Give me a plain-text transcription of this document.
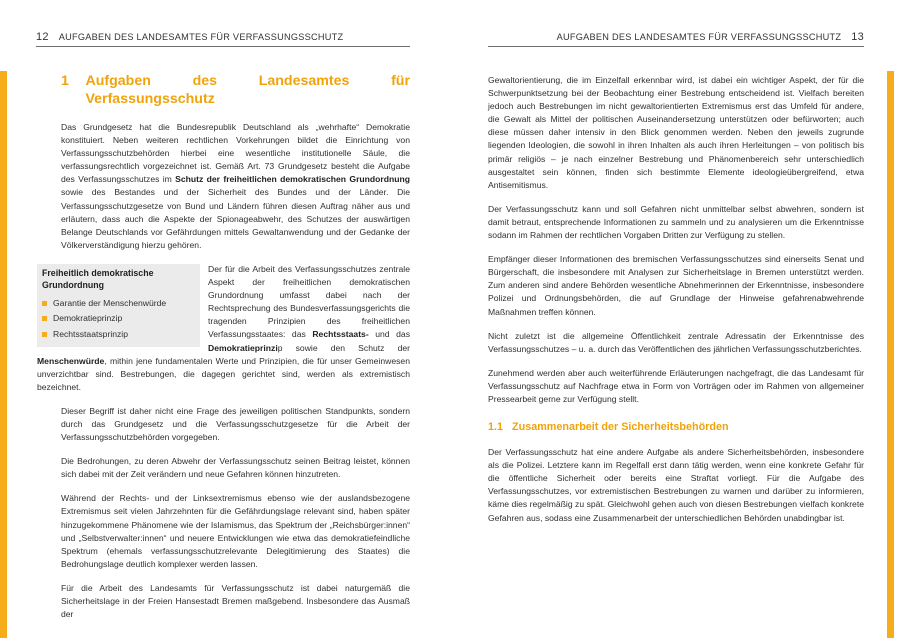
12 AUFGABEN DES LANDESAMTES FÜR VERFASSUNGSSCHUTZ
1	Aufgaben des Landesamtes für Verfassungsschutz

Das Grundgesetz hat die Bundesrepublik Deutschland als „wehrhafte“ Demokratie konstituiert. Neben weiteren rechtlichen Vorkehrungen bildet die Einrichtung von Verfassungsschutzbehörden hierbei eine wesentliche institutionelle Säule, die verfassungsrechtlich vorgezeichnet ist. Gemäß Art. 73 Grundgesetz besteht die Aufgabe des Verfassungsschutzes im Schutz der freiheitlichen demokratischen Grundordnung sowie des Bestandes und der Sicherheit des Bundes und der Länder. Die Verfassungsschutzgesetze von Bund und Ländern führen diesen Auftrag näher aus und erläutern, dass auch die Aspekte der Spionageabwehr, des Schutzes der auswärtigen Belange Deutschlands vor Gefährdungen mittels Gewaltanwendung und der Gedanke der Völkerverständigung hierzu gehören.

Freiheitlich demokratische Grundordnung
Garantie der Menschenwürde
Demokratieprinzip
Rechtsstaatsprinzip

Der für die Arbeit des Verfassungsschutzes zentrale Aspekt der freiheitlichen demokratischen Grundordnung umfasst dabei nach der Rechtsprechung des Bundesverfassungsgerichts die tragenden Prinzipien des freiheitlichen Verfassungsstaates: das Rechtsstaats- und das Demokratieprinzip sowie den Schutz der Menschenwürde, mithin jene fundamentalen Werte und Prinzipien, die für unser Gemeinwesen unverzichtbar sind. Bestrebungen, die dagegen gerichtet sind, werden als extremistisch bezeichnet.

Dieser Begriff ist daher nicht eine Frage des jeweiligen politischen Standpunkts, sondern durch das Grundgesetz und die Verfassungsschutzgesetze für die Arbeit der Verfassungsschutzbehörden vorgegeben.

Die Bedrohungen, zu deren Abwehr der Verfassungsschutz seinen Beitrag leistet, können sich dabei mit der Zeit verändern und neue Gefahren können hinzutreten.

Während der Rechts- und der Linksextremismus ebenso wie der auslandsbezogene Extremismus seit vielen Jahrzehnten für die Gefährdungslage relevant sind, haben später hinzugekommene Phänomene wie der Islamismus, das Spektrum der „Reichsbürger:innen“ und „Selbstverwalter:innen“ und neuere Entwicklungen wie etwa das demokratiefeindliche Spektrum (ehemals verfassungsschutzrelevante Delegitimierung des Staates) die Bedrohungslage deutlich komplexer werden lassen.

Für die Arbeit des Landesamts für Verfassungsschutz ist dabei naturgemäß die Sicherheitslage in der Freien Hansestadt Bremen maßgebend. Insbesondere das Ausmaß der

AUFGABEN DES LANDESAMTES FÜR VERFASSUNGSSCHUTZ 13

Gewaltorientierung, die im Einzelfall erkennbar wird, ist dabei ein wichtiger Aspekt, der für die Schwerpunktsetzung bei der Beobachtung einer Bestrebung entscheidend ist. Vielfach bereiten jedoch auch Bestrebungen im nicht gewaltorientierten Extremismus erst das Umfeld für andere, die Gewalt als Mittel der politischen Auseinandersetzung unterstützen oder befürworten; auch diese müssen daher intensiv in den Blick genommen werden. Neben den jeweils zugrunde liegenden Ideologien, die sowohl in ihren Inhalten als auch ihren Herleitungen – von politisch bis primär religiös – je nach einzelner Bestrebung und Phänomenbereich sehr unterschiedlich ausgestaltet sein können, finden sich bestimmte Elemente ideologieübergreifend, etwa Antisemitismus.

Der Verfassungsschutz kann und soll Gefahren nicht unmittelbar selbst abwehren, sondern ist damit betraut, entsprechende Informationen zu sammeln und zu analysieren um die Erkenntnisse sodann im Rahmen der rechtlichen Vorgaben Dritten zur Verfügung zu stellen.

Empfänger dieser Informationen des bremischen Verfassungsschutzes sind einerseits Senat und Bürgerschaft, die insbesondere mit Analysen zur Sicherheitslage in Bremen unterstützt werden. Zum anderen sind andere Behörden wesentliche Abnehmerinnen der Erkenntnisse, insbesondere Polizei und Ordnungsbehörden, die auf Grundlage der Hinweise gefahrenabwehrende Maßnahmen treffen können.

Nicht zuletzt ist die allgemeine Öffentlichkeit zentrale Adressatin der Erkenntnisse des Verfassungsschutzes – u. a. durch das Veröffentlichen des jährlichen Verfassungsschutzberichtes.

Zunehmend werden aber auch weiterführende Erläuterungen nachgefragt, die das Landesamt für Verfassungsschutz auf Nachfrage etwa in Form von Vorträgen oder im Rahmen von allgemeiner Pressearbeit gerne zur Verfügung stellt.

1.1 Zusammenarbeit der Sicherheitsbehörden

Der Verfassungsschutz hat eine andere Aufgabe als andere Sicherheitsbehörden, insbesondere als die Polizei. Letztere kann im Regelfall erst dann tätig werden, wenn eine konkrete Gefahr für die öffentliche Sicherheit oder bereits eine Straftat vorliegt. Für die Aufgabe des Verfassungsschutzes, vor extremistischen Bestrebungen zu warnen und darüber zu informieren, käme dies regelmäßig zu spät. Gleichwohl gehen auch von diesen Bestrebungen vielfach konkrete Gefahren aus, sodass eine Zusammenarbeit der unterschiedlichen Behörden unabdingbar ist.
